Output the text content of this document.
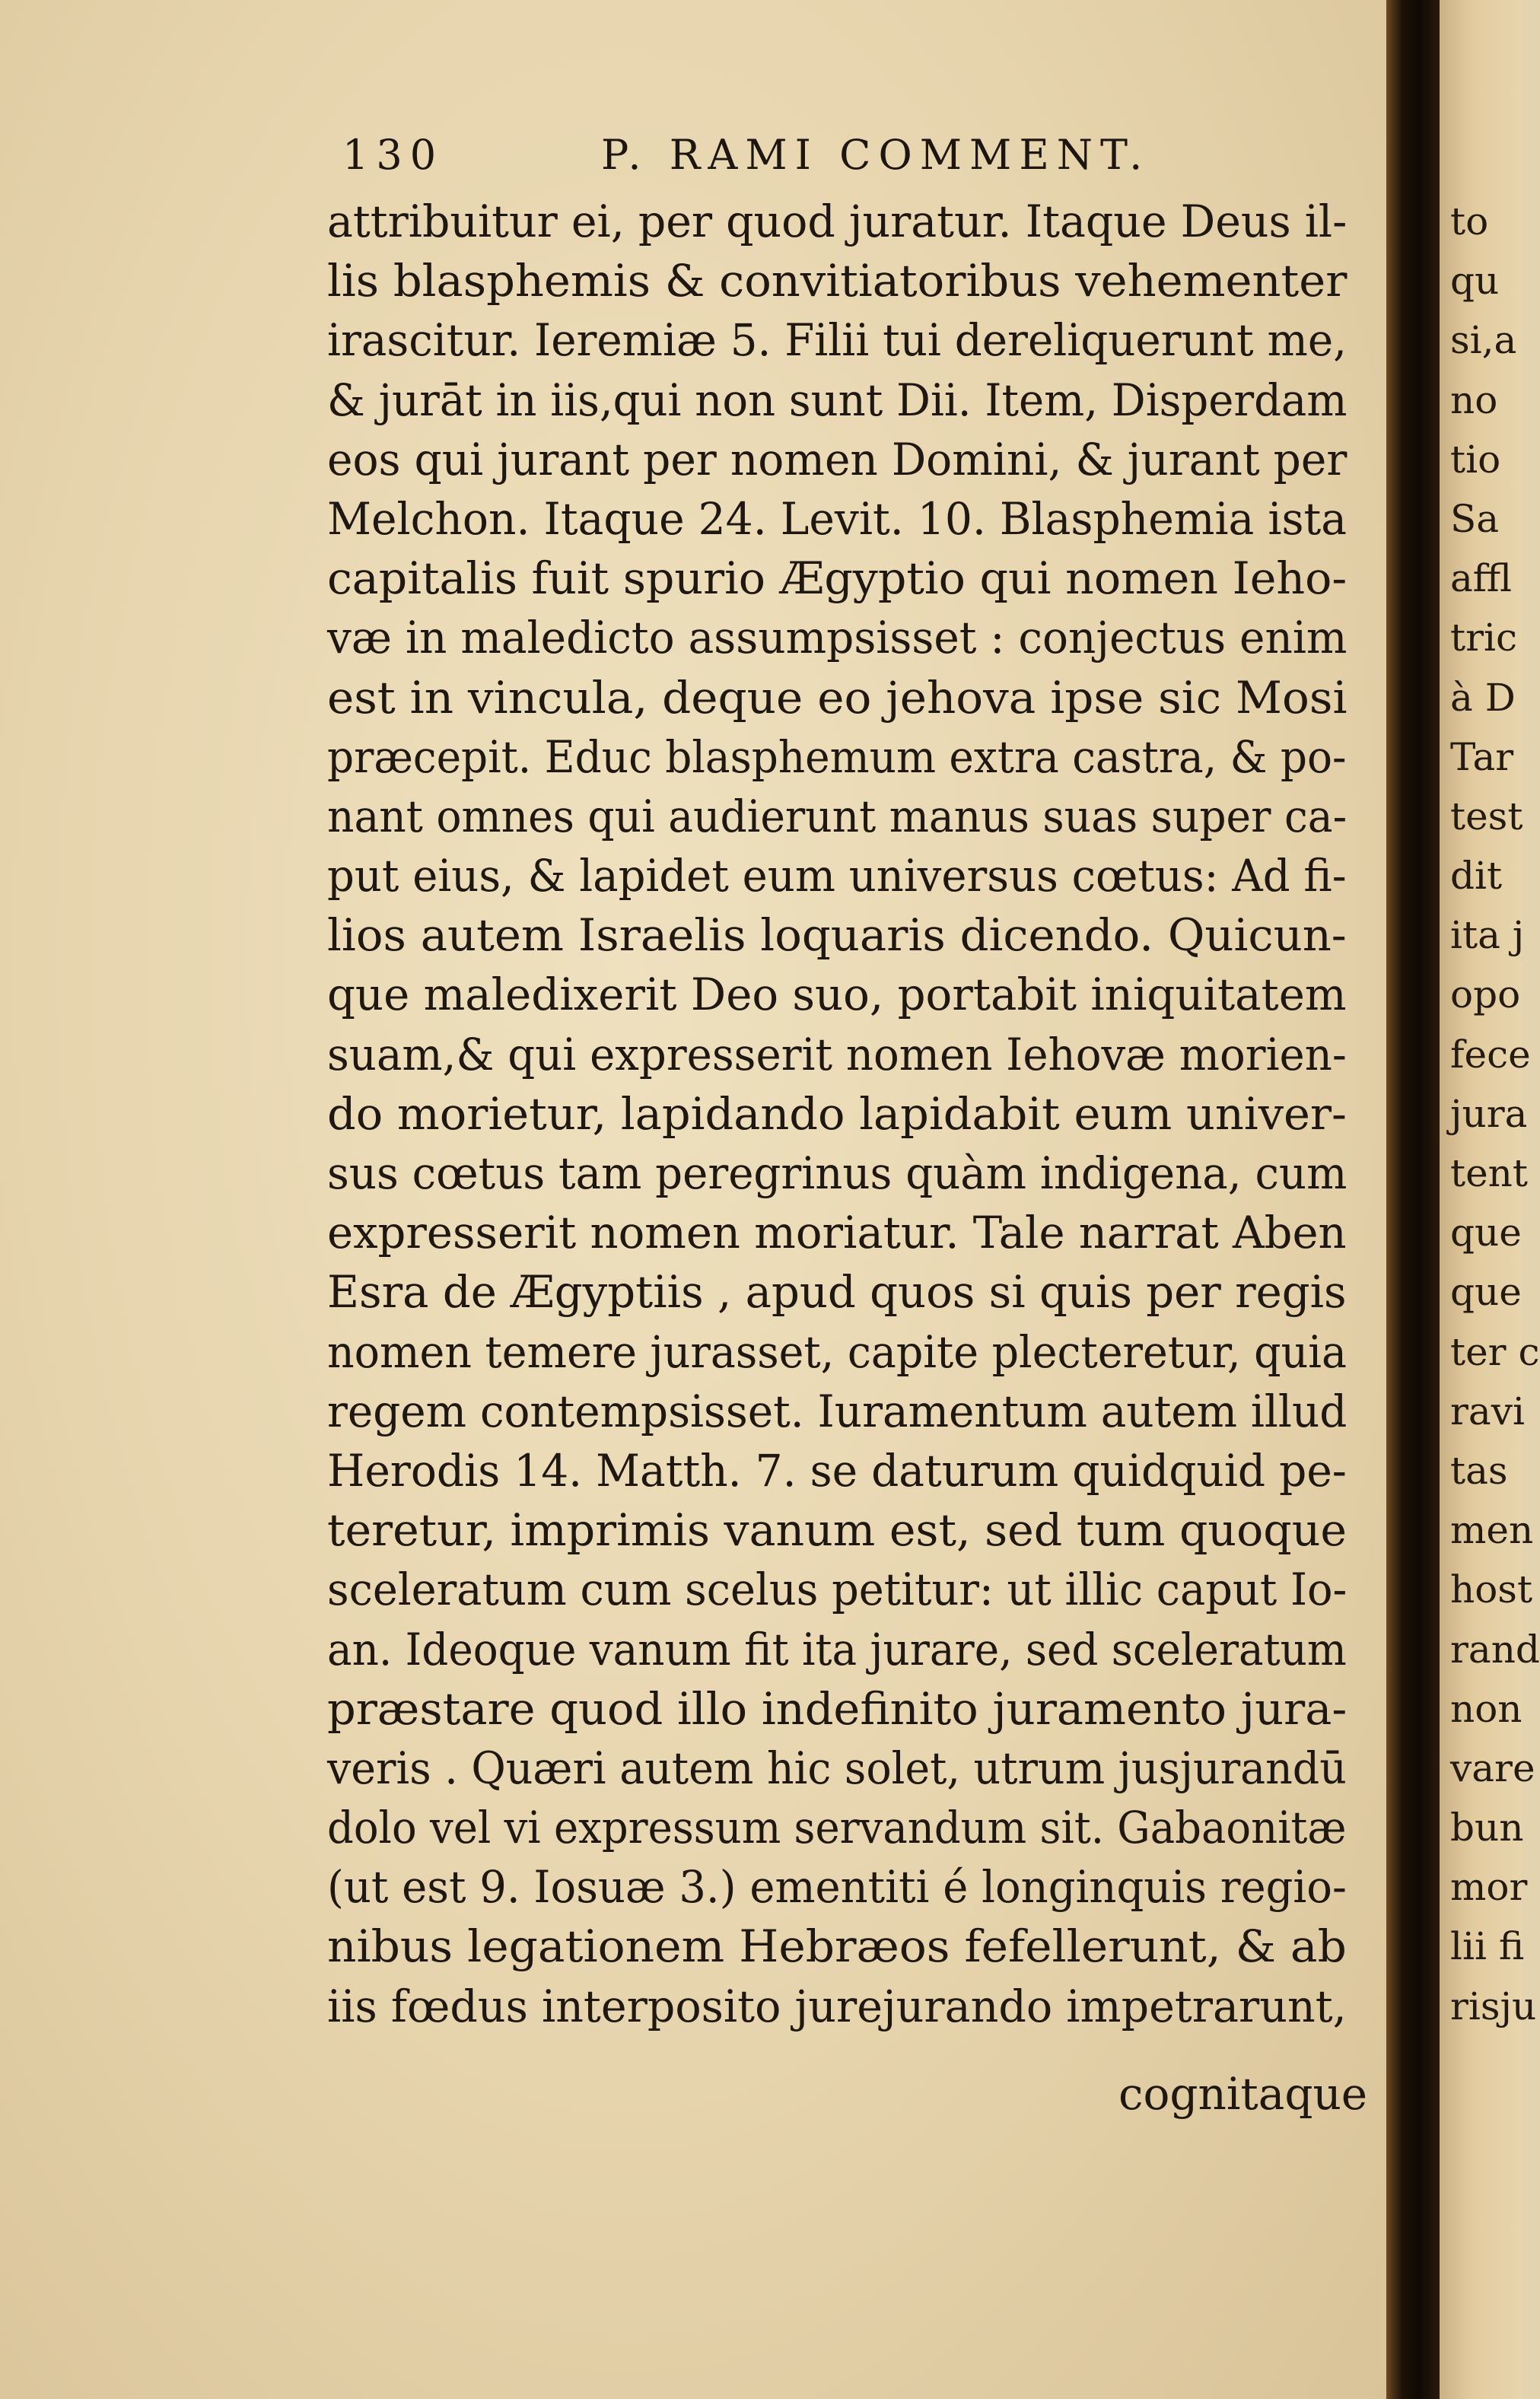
130	P. RAMI COMMENT.
attribuitur ei, per quod juratur. Itaque Deus il-
lis blasphemis & convitiatoribus vehementer
irascitur. Ieremiæ 5. Filii tui dereliquerunt me,
& jurāt in iis,qui non sunt Dii. Item, Disperdam
eos qui jurant per nomen Domini, & jurant per
Melchon. Itaque 24. Levit. 10. Blasphemia ista
capitalis fuit spurio Ægyptio qui nomen Ieho-
væ in maledicto assumpsisset : conjectus enim
est in vincula, deque eo jehova ipse sic Mosi
præcepit. Educ blasphemum extra castra, & po-
nant omnes qui audierunt manus suas super ca-
put eius, & lapidet eum universus cœtus: Ad fi-
lios autem Israelis loquaris dicendo. Quicun-
que maledixerit Deo suo, portabit iniquitatem
suam,& qui expresserit nomen Iehovæ morien-
do morietur, lapidando lapidabit eum univer-
sus cœtus tam peregrinus quàm indigena, cum
expresserit nomen moriatur. Tale narrat Aben
Esra de Ægyptiis , apud quos si quis per regis
nomen temere jurasset, capite plecteretur, quia
regem contempsisset. Iuramentum autem illud
Herodis 14. Matth. 7. se daturum quidquid pe-
teretur, imprimis vanum est, sed tum quoque
sceleratum cum scelus petitur: ut illic caput Io-
an. Ideoque vanum fit ita jurare, sed sceleratum
præstare quod illo indefinito juramento jura-
veris . Quæri autem hic solet, utrum jusjurandū
dolo vel vi expressum servandum sit. Gabaonitæ
(ut est 9. Iosuæ 3.) ementiti é longinquis regio-
nibus legationem Hebræos fefellerunt, & ab
iis fœdus interposito jurejurando impetrarunt,
cognitaque
to
qu
si,a
no
tio
Sa
affl
tric
à D
Tar
test
dit
ita j
opo
fece
jura
tent
que
que
ter c
ravi
tas
men
host
rand
non
vare
bun
mor
lii fi
risju
